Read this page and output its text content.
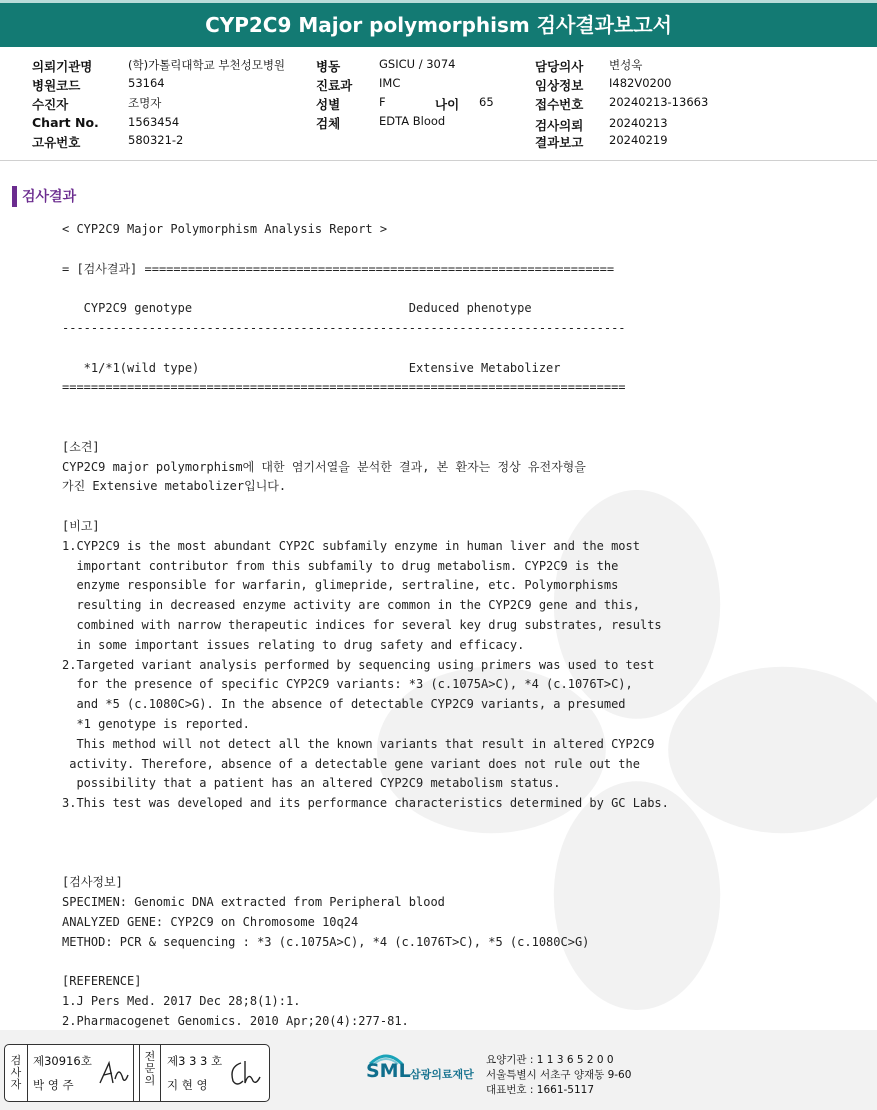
CYP2C9 Major polymorphism 검사결과보고서
의뢰기관명	(학)가톨릭대학교 부천성모병원
병원코드	53164
수진자	조명자
Chart No.	1563454
고유번호	580321-2
병동	GSICU / 3074
진료과 IMC
성별	F	나이 65
검체	EDTA Blood
담당의사 변성욱
임상정보 I482V0200
접수번호 20240213-13663
검사의뢰 20240213
결과보고 20240219
검사결과
< CYP2C9 Major Polymorphism Analysis Report >
= [검사결과] =================================================================
CYP2C9 genotype                              Deduced phenotype
------------------------------------------------------------------------------
*1/*1(wild type)                             Extensive Metabolizer
==============================================================================
[소견]
CYP2C9 major polymorphism에 대한 염기서열을 분석한 결과, 본 환자는 정상 유전자형을
가진 Extensive metabolizer입니다.
[비고]
1.CYP2C9 is the most abundant CYP2C subfamily enzyme in human liver and the most
important contributor from this subfamily to drug metabolism. CYP2C9 is the
enzyme responsible for warfarin, glimepride, sertraline, etc. Polymorphisms
resulting in decreased enzyme activity are common in the CYP2C9 gene and this,
combined with narrow therapeutic indices for several key drug substrates, results
in some important issues relating to drug safety and efficacy.
2.Targeted variant analysis performed by sequencing using primers was used to test
for the presence of specific CYP2C9 variants: *3 (c.1075A>C), *4 (c.1076T>C),
and *5 (c.1080C>G). In the absence of detectable CYP2C9 variants, a presumed
*1 genotype is reported.
This method will not detect all the known variants that result in altered CYP2C9
activity. Therefore, absence of a detectable gene variant does not rule out the
possibility that a patient has an altered CYP2C9 metabolism status.
3.This test was developed and its performance characteristics determined by GC Labs.
[검사정보]
SPECIMEN: Genomic DNA extracted from Peripheral blood
ANALYZED GENE: CYP2C9 on Chromosome 10q24
METHOD: PCR & sequencing : *3 (c.1075A>C), *4 (c.1076T>C), *5 (c.1080C>G)
[REFERENCE]
1.J Pers Med. 2017 Dec 28;8(1):1.
2.Pharmacogenet Genomics. 2010 Apr;20(4):277-81.
검
사
자
제30916호
박 영 주
전
문
의
제3 3 3 호
지 현 영
SML 삼광의료재단
요양기관 : 1 1 3 6 5 2 0 0
서울특별시 서초구 양재동 9-60
대표번호 : 1661-5117
